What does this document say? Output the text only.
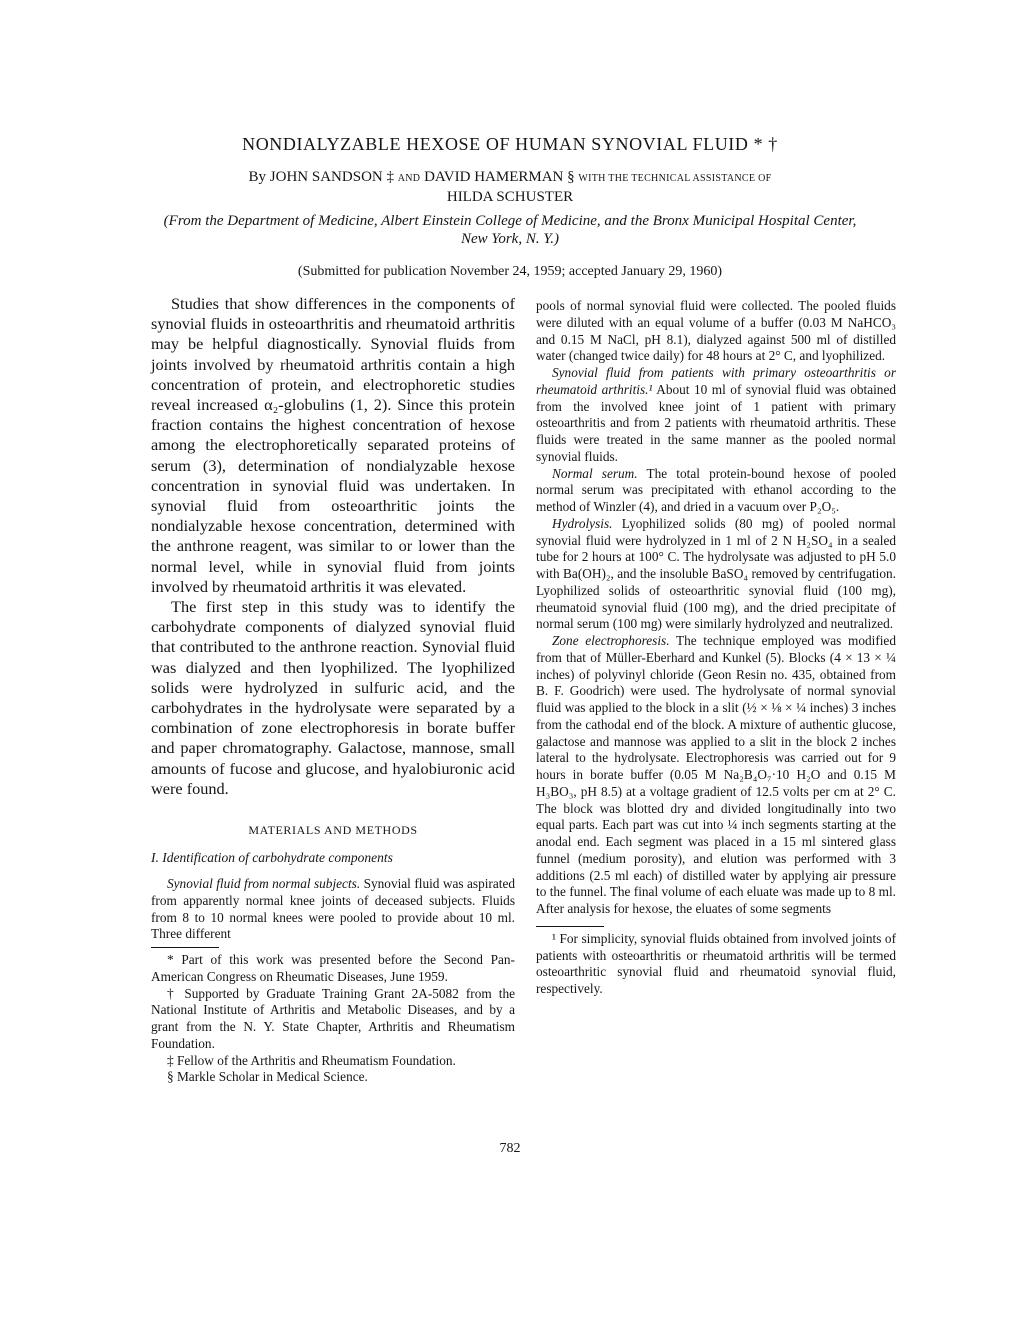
NONDIALYZABLE HEXOSE OF HUMAN SYNOVIAL FLUID * †
By JOHN SANDSON ‡ AND DAVID HAMERMAN § WITH THE TECHNICAL ASSISTANCE OF
HILDA SCHUSTER
(From the Department of Medicine, Albert Einstein College of Medicine, and the Bronx Municipal Hospital Center, New York, N. Y.)
(Submitted for publication November 24, 1959; accepted January 29, 1960)

Studies that show differences in the components of synovial fluids in osteoarthritis and rheumatoid arthritis may be helpful diagnostically. Synovial fluids from joints involved by rheumatoid arthritis contain a high concentration of protein, and electrophoretic studies reveal increased α₂-globulins (1, 2). Since this protein fraction contains the highest concentration of hexose among the electrophoretically separated proteins of serum (3), determination of nondialyzable hexose concentration in synovial fluid was undertaken. In synovial fluid from osteoarthritic joints the nondialyzable hexose concentration, determined with the anthrone reagent, was similar to or lower than the normal level, while in synovial fluid from joints involved by rheumatoid arthritis it was elevated.

The first step in this study was to identify the carbohydrate components of dialyzed synovial fluid that contributed to the anthrone reaction. Synovial fluid was dialyzed and then lyophilized. The lyophilized solids were hydrolyzed in sulfuric acid, and the carbohydrates in the hydrolysate were separated by a combination of zone electrophoresis in borate buffer and paper chromatography. Galactose, mannose, small amounts of fucose and glucose, and hyalobiuronic acid were found.

MATERIALS AND METHODS
I. Identification of carbohydrate components

Synovial fluid from normal subjects. Synovial fluid was aspirated from apparently normal knee joints of deceased subjects. Fluids from 8 to 10 normal knees were pooled to provide about 10 ml. Three different

* Part of this work was presented before the Second Pan-American Congress on Rheumatic Diseases, June 1959.

† Supported by Graduate Training Grant 2A-5082 from the National Institute of Arthritis and Metabolic Diseases, and by a grant from the N. Y. State Chapter, Arthritis and Rheumatism Foundation.

‡ Fellow of the Arthritis and Rheumatism Foundation.

§ Markle Scholar in Medical Science.

pools of normal synovial fluid were collected. The pooled fluids were diluted with an equal volume of a buffer (0.03 M NaHCO₃ and 0.15 M NaCl, pH 8.1), dialyzed against 500 ml of distilled water (changed twice daily) for 48 hours at 2° C, and lyophilized.

Synovial fluid from patients with primary osteoarthritis or rheumatoid arthritis.¹ About 10 ml of synovial fluid was obtained from the involved knee joint of 1 patient with primary osteoarthritis and from 2 patients with rheumatoid arthritis. These fluids were treated in the same manner as the pooled normal synovial fluids.

Normal serum. The total protein-bound hexose of pooled normal serum was precipitated with ethanol according to the method of Winzler (4), and dried in a vacuum over P₂O₅.

Hydrolysis. Lyophilized solids (80 mg) of pooled normal synovial fluid were hydrolyzed in 1 ml of 2 N H₂SO₄ in a sealed tube for 2 hours at 100° C. The hydrolysate was adjusted to pH 5.0 with Ba(OH)₂, and the insoluble BaSO₄ removed by centrifugation. Lyophilized solids of osteoarthritic synovial fluid (100 mg), rheumatoid synovial fluid (100 mg), and the dried precipitate of normal serum (100 mg) were similarly hydrolyzed and neutralized.

Zone electrophoresis. The technique employed was modified from that of Müller-Eberhard and Kunkel (5). Blocks (4 × 13 × ¼ inches) of polyvinyl chloride (Geon Resin no. 435, obtained from B. F. Goodrich) were used. The hydrolysate of normal synovial fluid was applied to the block in a slit (½ × ⅛ × ¼ inches) 3 inches from the cathodal end of the block. A mixture of authentic glucose, galactose and mannose was applied to a slit in the block 2 inches lateral to the hydrolysate. Electrophoresis was carried out for 9 hours in borate buffer (0.05 M Na₂B₄O₇·10 H₂O and 0.15 M H₃BO₃, pH 8.5) at a voltage gradient of 12.5 volts per cm at 2° C. The block was blotted dry and divided longitudinally into two equal parts. Each part was cut into ¼ inch segments starting at the anodal end. Each segment was placed in a 15 ml sintered glass funnel (medium porosity), and elution was performed with 3 additions (2.5 ml each) of distilled water by applying air pressure to the funnel. The final volume of each eluate was made up to 8 ml. After analysis for hexose, the eluates of some segments

¹ For simplicity, synovial fluids obtained from involved joints of patients with osteoarthritis or rheumatoid arthritis will be termed osteoarthritic synovial fluid and rheumatoid synovial fluid, respectively.

782
